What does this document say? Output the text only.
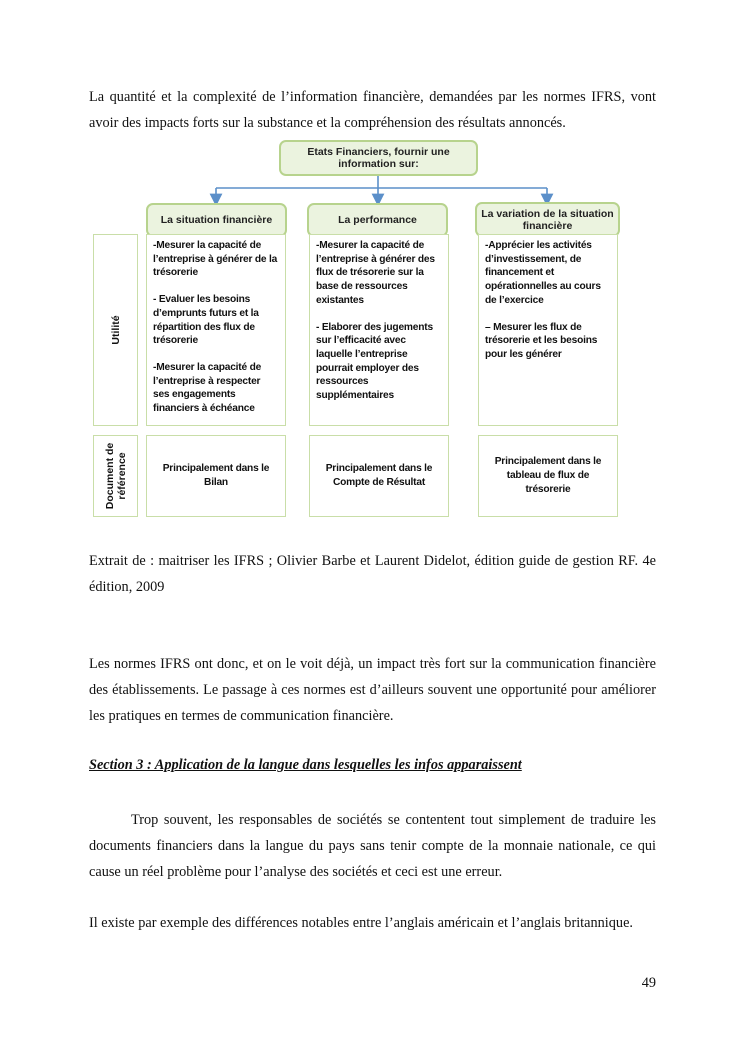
La quantité et la complexité de l’information financière, demandées par les normes IFRS, vont avoir des impacts forts sur la substance et la compréhension des résultats annoncés.

Etats Financiers, fournir une information sur:
La situation financière	La performance
La variation de la situation financière
Utilité
Document de
référence
-Mesurer la capacité de l’entreprise à générer de la trésorerie
- Evaluer les besoins d’emprunts futurs et la répartition des flux de trésorerie
-Mesurer la capacité de l’entreprise à respecter ses engagements financiers à échéance
-Mesurer la capacité de l’entreprise à générer des flux de trésorerie sur la base de ressources existantes
- Elaborer des jugements sur l’efficacité avec laquelle l’entreprise pourrait employer des ressources supplémentaires
-Apprécier les activités d’investissement, de financement et opérationnelles au cours de l’exercice
– Mesurer les flux de trésorerie et les besoins pour les générer
Principalement dans le Bilan
Principalement dans le Compte de Résultat
Principalement dans le tableau de flux de trésorerie

Extrait de : maitriser les IFRS ; Olivier Barbe et Laurent Didelot, édition guide de gestion RF. 4e édition, 2009

Les normes IFRS ont donc, et on le voit déjà, un impact très fort sur la communication financière des établissements. Le passage à ces normes est d’ailleurs souvent une opportunité pour améliorer les pratiques en termes de communication financière.

Section 3 : Application de la langue dans lesquelles les infos apparaissent

Trop souvent, les responsables de sociétés se contentent tout simplement de traduire les documents financiers dans la langue du pays sans tenir compte de la monnaie nationale, ce qui cause un réel problème pour l’analyse des sociétés et ceci est une erreur.

Il existe par exemple des différences notables entre l’anglais américain et l’anglais britannique.

49
